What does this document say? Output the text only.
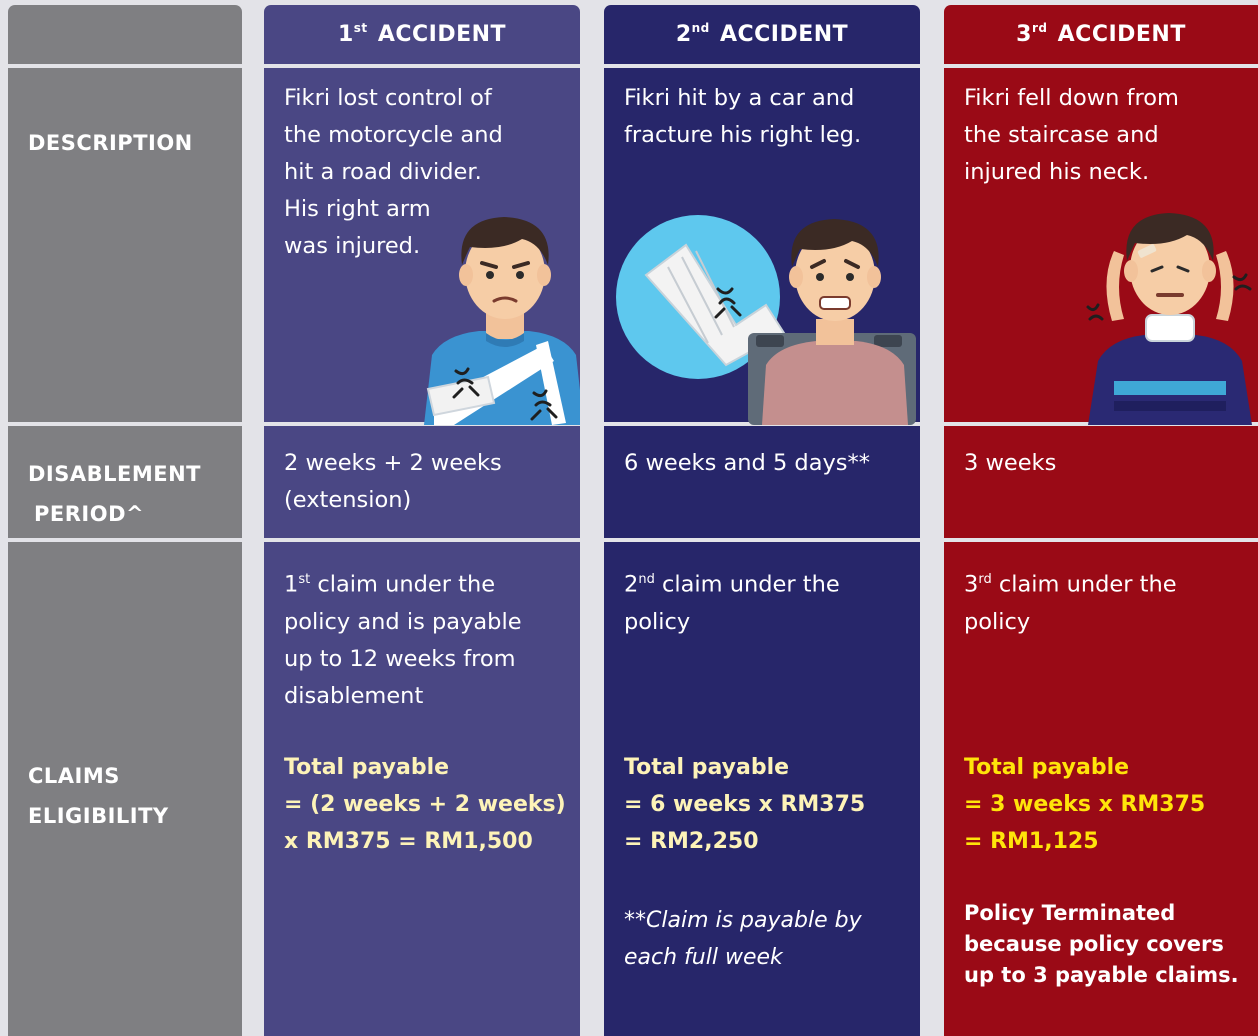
DESCRIPTION
DISABLEMENT
PERIOD^
CLAIMS
ELIGIBILITY
1st
ACCIDENT
Fikri lost control of
the motorcycle and
hit a road divider.
His right arm
was injured.
2 weeks + 2 weeks
(extension)
1st claim under the
policy and is payable
up to 12 weeks from
disablement
Total payable
= (2 weeks + 2 weeks)
x RM375 = RM1,500
2nd
ACCIDENT
Fikri hit by a car and
fracture his right leg.
6 weeks and 5 days**
2nd claim under the
policy
Total payable
= 6 weeks x RM375
= RM2,250
**Claim is payable by
each full week
3rd
ACCIDENT
Fikri fell down from
the staircase and
injured his neck.
3 weeks
3rd claim under the
policy
Total payable
= 3 weeks x RM375
= RM1,125
Policy Terminated
because policy covers
up to 3 payable claims.
